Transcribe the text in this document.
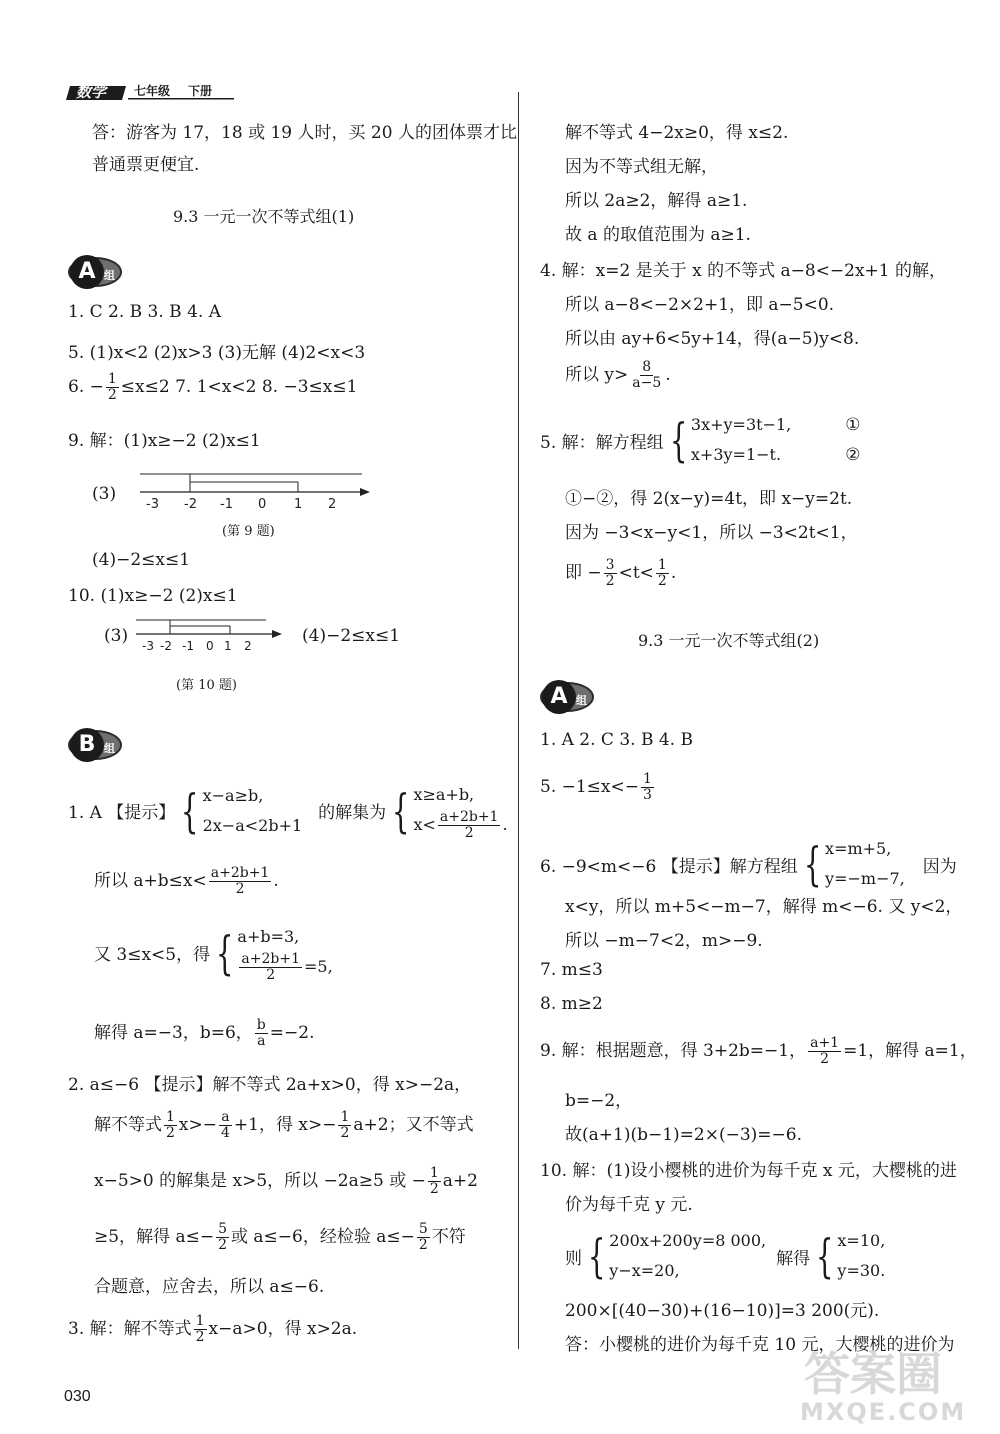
数学 七年级 下册
答：游客为 17，18 或 19 人时，买 20 人的团体票才比
普通票更便宜.
9.3 一元一次不等式组(1)
A 组
1. C 2. B 3. B 4. A
5. (1)x<2 (2)x>3 (3)无解 (4)2<x<3
6. − $\frac{1}{2} \le x\le 2$ 7. 1<x<2 8. −3≤x≤1
9. 解：(1)x≥−2 (2)x≤1
(3)
-3 -2 -1 0 1 2
(第 9 题)
(4)−2≤x≤1
10. (1)x≥−2 (2)x≤1
(3) -3 -2 -1 0 1 2	(4)−2≤x≤1
(第 10 题)
B 组
1. A 【提示】 { x−a≥b,
2x−a<2b+1
的解集为 { x≥a+b,
$x< \frac{a+2b+1}{2}$ .
所以 $a+b\le x< \frac{a+2b+1}{2}$ .
又 3≤x<5，得 { a+b=3,
$\frac{a+2b+1}{2} =5$,
解得 a=−3，b=6， $\frac{b}{a} =-2$.
2. a≤−6 【提示】解不等式 2a+x>0，得 x>−2a，
解不等式 $\frac{1}{2} x>- \frac{a}{4} +1$，得 $x>- \frac{1}{2} a+2$；又不等式
x−5>0 的解集是 x>5，所以 −2a≥5 或 − $\frac{1}{2} a+2$
≥5，解得 $a\le- \frac{5}{2}$ 或 a≤−6，经检验 $a\le- \frac{5}{2}$ 不符
合题意，应舍去，所以 a≤−6.
3. 解：解不等式 $\frac{1}{2} x-a>0$，得 x>2a.
030
解不等式 4−2x≥0，得 x≤2.
因为不等式组无解，
所以 2a≥2，解得 a≥1.
故 a 的取值范围为 a≥1.
4. 解：x=2 是关于 x 的不等式 a−8<−2x+1 的解，
所以 a−8<−2×2+1，即 a−5<0.
所以由 ay+6<5y+14，得(a−5)y<8.
所以 $y> \frac{8}{a-5}$ .
5. 解：解方程组 { 3x+y=3t−1,
x+3y=1−t.
①
②
①−②，得 2(x−y)=4t，即 x−y=2t.
因为 −3<x−y<1，所以 −3<2t<1，
即 − $\frac{3}{2} <t< \frac{1}{2}$ .
9.3 一元一次不等式组(2)
A 组
1. A 2. C 3. B 4. B
5. $-1\le x<- \frac{1}{3}$
6. −9<m<−6 【提示】解方程组 { x=m+5,
y=−m−7,
因为
x<y，所以 m+5<−m−7，解得 m<−6. 又 y<2，
所以 −m−7<2，m>−9.
7. m≤3
8. m≥2
9. 解：根据题意，得 3+2b=−1， $\frac{a+1}{2} =1$，解得 a=1，
b=−2，
故(a+1)(b−1)=2×(−3)=−6.
10. 解：(1)设小樱桃的进价为每千克 x 元，大樱桃的进
价为每千克 y 元.
则 { 200x+200y=8 000,
y−x=20,
解得 { x=10,
y=30.
200×[(40−30)+(16−10)]=3 200(元).
答：小樱桃的进价为每千克 10 元，大樱桃的进价为
答案圈
MXQE.COM
